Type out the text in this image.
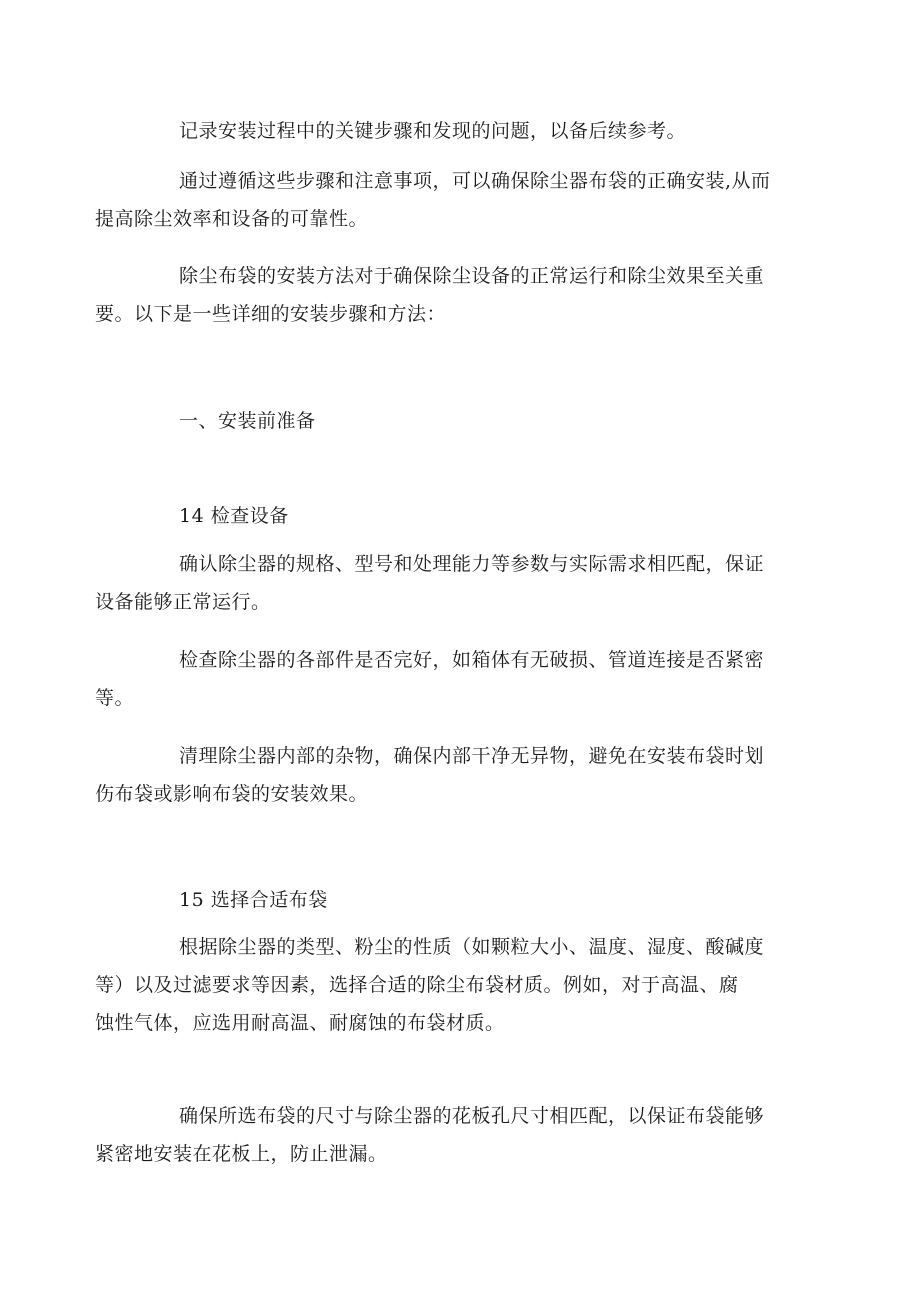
记录安装过程中的关键步骤和发现的问题，以备后续参考。

通过遵循这些步骤和注意事项，可以确保除尘器布袋的正确安装,从而
提高除尘效率和设备的可靠性。

除尘布袋的安装方法对于确保除尘设备的正常运行和除尘效果至关重
要。以下是一些详细的安装步骤和方法：

一、安装前准备
14 检查设备

确认除尘器的规格、型号和处理能力等参数与实际需求相匹配，保证
设备能够正常运行。

检查除尘器的各部件是否完好，如箱体有无破损、管道连接是否紧密
等。

清理除尘器内部的杂物，确保内部干净无异物，避免在安装布袋时划
伤布袋或影响布袋的安装效果。

15 选择合适布袋

根据除尘器的类型、粉尘的性质（如颗粒大小、温度、湿度、酸碱度
等）以及过滤要求等因素，选择合适的除尘布袋材质。例如，对于高温、腐
蚀性气体，应选用耐高温、耐腐蚀的布袋材质。

确保所选布袋的尺寸与除尘器的花板孔尺寸相匹配，以保证布袋能够
紧密地安装在花板上，防止泄漏。
